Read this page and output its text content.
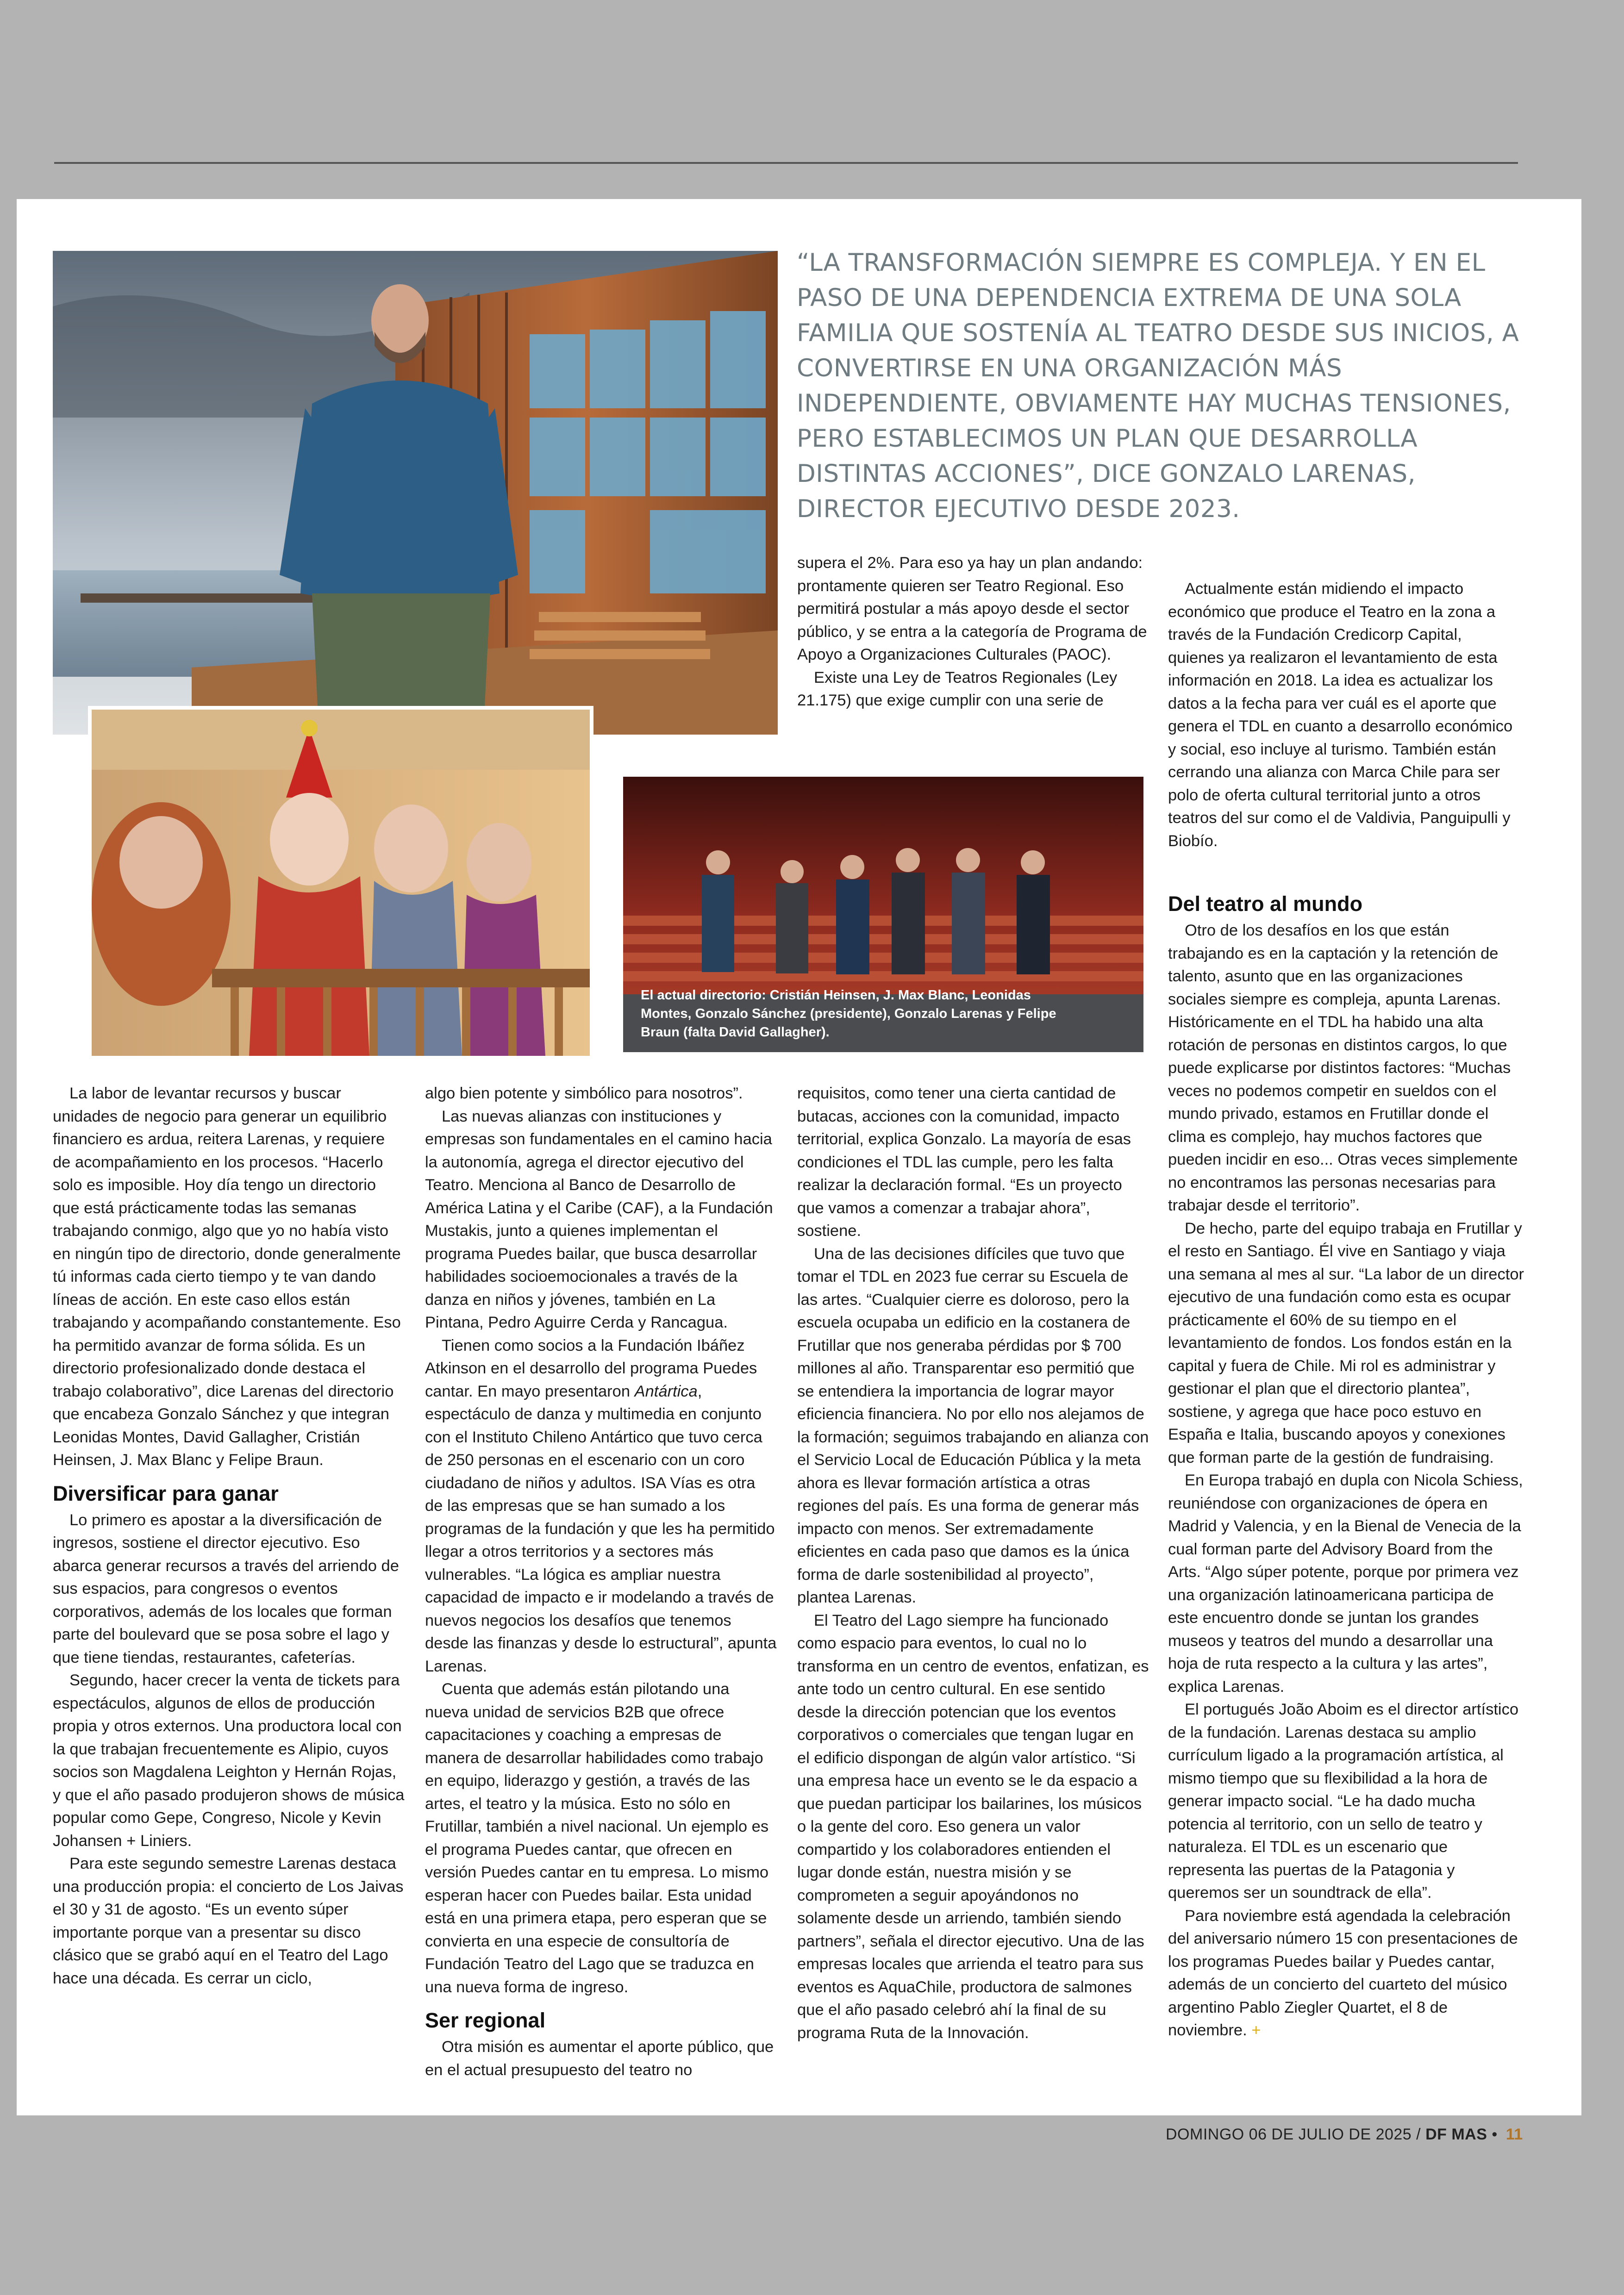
El actual directorio: Cristián Heinsen, J. Max Blanc, Leonidas Montes, Gonzalo Sánchez (presidente), Gonzalo Larenas y Felipe Braun (falta David Gallagher).
“LA TRANSFORMACIÓN SIEMPRE ES COMPLEJA. Y EN EL PASO DE UNA DEPENDENCIA EXTREMA DE UNA SOLA FAMILIA QUE SOSTENÍA AL TEATRO DESDE SUS INICIOS, A CONVERTIRSE EN UNA ORGANIZACIÓN MÁS INDEPENDIENTE, OBVIAMENTE HAY MUCHAS TENSIONES, PERO ESTABLECIMOS UN PLAN QUE DESARROLLA DISTINTAS ACCIONES”, DICE GONZALO LARENAS, DIRECTOR EJECUTIVO DESDE 2023.

supera el 2%. Para eso ya hay un plan andando: prontamente quieren ser Teatro Regional. Eso permitirá postular a más apoyo desde el sector público, y se entra a la categoría de Programa de Apoyo a Organizaciones Culturales (PAOC).

Existe una Ley de Teatros Regionales (Ley 21.175) que exige cumplir con una serie de

Actualmente están midiendo el impacto económico que produce el Teatro en la zona a través de la Fundación Credicorp Capital, quienes ya realizaron el levantamiento de esta información en 2018. La idea es actualizar los datos a la fecha para ver cuál es el aporte que genera el TDL en cuanto a desarrollo económico y social, eso incluye al turismo. También están cerrando una alianza con Marca Chile para ser polo de oferta cultural territorial junto a otros teatros del sur como el de Valdivia, Panguipulli y Biobío.

La labor de levantar recursos y buscar unidades de negocio para generar un equilibrio financiero es ardua, reitera Larenas, y requiere de acompañamiento en los procesos. “Hacerlo solo es imposible. Hoy día tengo un directorio que está prácticamente todas las semanas trabajando conmigo, algo que yo no había visto en ningún tipo de directorio, donde generalmente tú informas cada cierto tiempo y te van dando líneas de acción. En este caso ellos están trabajando y acompañando constantemente. Eso ha permitido avanzar de forma sólida. Es un directorio profesionalizado donde destaca el trabajo colaborativo”, dice Larenas del directorio que encabeza Gonzalo Sánchez y que integran Leonidas Montes, David Gallagher, Cristián Heinsen, J. Max Blanc y Felipe Braun.

Diversificar para ganar

Lo primero es apostar a la diversificación de ingresos, sostiene el director ejecutivo. Eso abarca generar recursos a través del arriendo de sus espacios, para congresos o eventos corporativos, además de los locales que forman parte del boulevard que se posa sobre el lago y que tiene tiendas, restaurantes, cafeterías.

Segundo, hacer crecer la venta de tickets para espectáculos, algunos de ellos de producción propia y otros externos. Una productora local con la que trabajan frecuentemente es Alipio, cuyos socios son Magdalena Leighton y Hernán Rojas, y que el año pasado produjeron shows de música popular como Gepe, Congreso, Nicole y Kevin Johansen + Liniers.

Para este segundo semestre Larenas destaca una producción propia: el concierto de Los Jaivas el 30 y 31 de agosto. “Es un evento súper importante porque van a presentar su disco clásico que se grabó aquí en el Teatro del Lago hace una década. Es cerrar un ciclo,

algo bien potente y simbólico para nosotros”.

Las nuevas alianzas con instituciones y empresas son fundamentales en el camino hacia la autonomía, agrega el director ejecutivo del Teatro. Menciona al Banco de Desarrollo de América Latina y el Caribe (CAF), a la Fundación Mustakis, junto a quienes implementan el programa Puedes bailar, que busca desarrollar habilidades socioemocionales a través de la danza en niños y jóvenes, también en La Pintana, Pedro Aguirre Cerda y Rancagua.

Tienen como socios a la Fundación Ibáñez Atkinson en el desarrollo del programa Puedes cantar. En mayo presentaron Antártica, espectáculo de danza y multimedia en conjunto con el Instituto Chileno Antártico que tuvo cerca de 250 personas en el escenario con un coro ciudadano de niños y adultos. ISA Vías es otra de las empresas que se han sumado a los programas de la fundación y que les ha permitido llegar a otros territorios y a sectores más vulnerables. “La lógica es ampliar nuestra capacidad de impacto e ir modelando a través de nuevos negocios los desafíos que tenemos desde las finanzas y desde lo estructural”, apunta Larenas.

Cuenta que además están pilotando una nueva unidad de servicios B2B que ofrece capacitaciones y coaching a empresas de manera de desarrollar habilidades como trabajo en equipo, liderazgo y gestión, a través de las artes, el teatro y la música. Esto no sólo en Frutillar, también a nivel nacional. Un ejemplo es el programa Puedes cantar, que ofrecen en versión Puedes cantar en tu empresa. Lo mismo esperan hacer con Puedes bailar. Esta unidad está en una primera etapa, pero esperan que se convierta en una especie de consultoría de Fundación Teatro del Lago que se traduzca en una nueva forma de ingreso.

Ser regional

Otra misión es aumentar el aporte público, que en el actual presupuesto del teatro no

requisitos, como tener una cierta cantidad de butacas, acciones con la comunidad, impacto territorial, explica Gonzalo. La mayoría de esas condiciones el TDL las cumple, pero les falta realizar la declaración formal. “Es un proyecto que vamos a comenzar a trabajar ahora”, sostiene.

Una de las decisiones difíciles que tuvo que tomar el TDL en 2023 fue cerrar su Escuela de las artes. “Cualquier cierre es doloroso, pero la escuela ocupaba un edificio en la costanera de Frutillar que nos generaba pérdidas por $ 700 millones al año. Transparentar eso permitió que se entendiera la importancia de lograr mayor eficiencia financiera. No por ello nos alejamos de la formación; seguimos trabajando en alianza con el Servicio Local de Educación Pública y la meta ahora es llevar formación artística a otras regiones del país. Es una forma de generar más impacto con menos. Ser extremadamente eficientes en cada paso que damos es la única forma de darle sostenibilidad al proyecto”, plantea Larenas.

El Teatro del Lago siempre ha funcionado como espacio para eventos, lo cual no lo transforma en un centro de eventos, enfatizan, es ante todo un centro cultural. En ese sentido desde la dirección potencian que los eventos corporativos o comerciales que tengan lugar en el edificio dispongan de algún valor artístico. “Si una empresa hace un evento se le da espacio a que puedan participar los bailarines, los músicos o la gente del coro. Eso genera un valor compartido y los colaboradores entienden el lugar donde están, nuestra misión y se comprometen a seguir apoyándonos no solamente desde un arriendo, también siendo partners”, señala el director ejecutivo. Una de las empresas locales que arrienda el teatro para sus eventos es AquaChile, productora de salmones que el año pasado celebró ahí la final de su programa Ruta de la Innovación.

Del teatro al mundo

Otro de los desafíos en los que están trabajando es en la captación y la retención de talento, asunto que en las organizaciones sociales siempre es compleja, apunta Larenas. Históricamente en el TDL ha habido una alta rotación de personas en distintos cargos, lo que puede explicarse por distintos factores: “Muchas veces no podemos competir en sueldos con el mundo privado, estamos en Frutillar donde el clima es complejo, hay muchos factores que pueden incidir en eso... Otras veces simplemente no encontramos las personas necesarias para trabajar desde el territorio”.

De hecho, parte del equipo trabaja en Frutillar y el resto en Santiago. Él vive en Santiago y viaja una semana al mes al sur. “La labor de un director ejecutivo de una fundación como esta es ocupar prácticamente el 60% de su tiempo en el levantamiento de fondos. Los fondos están en la capital y fuera de Chile. Mi rol es administrar y gestionar el plan que el directorio plantea”, sostiene, y agrega que hace poco estuvo en España e Italia, buscando apoyos y conexiones que forman parte de la gestión de fundraising.

En Europa trabajó en dupla con Nicola Schiess, reuniéndose con organizaciones de ópera en Madrid y Valencia, y en la Bienal de Venecia de la cual forman parte del Advisory Board from the Arts. “Algo súper potente, porque por primera vez una organización latinoamericana participa de este encuentro donde se juntan los grandes museos y teatros del mundo a desarrollar una hoja de ruta respecto a la cultura y las artes”, explica Larenas.

El portugués João Aboim es el director artístico de la fundación. Larenas destaca su amplio currículum ligado a la programación artística, al mismo tiempo que su flexibilidad a la hora de generar impacto social. “Le ha dado mucha potencia al territorio, con un sello de teatro y naturaleza. El TDL es un escenario que representa las puertas de la Patagonia y queremos ser un soundtrack de ella”.

Para noviembre está agendada la celebración del aniversario número 15 con presentaciones de los programas Puedes bailar y Puedes cantar, además de un concierto del cuarteto del músico argentino Pablo Ziegler Quartet, el 8 de noviembre. +

DOMINGO 06 DE JULIO DE 2025 / DF MAS • 11
